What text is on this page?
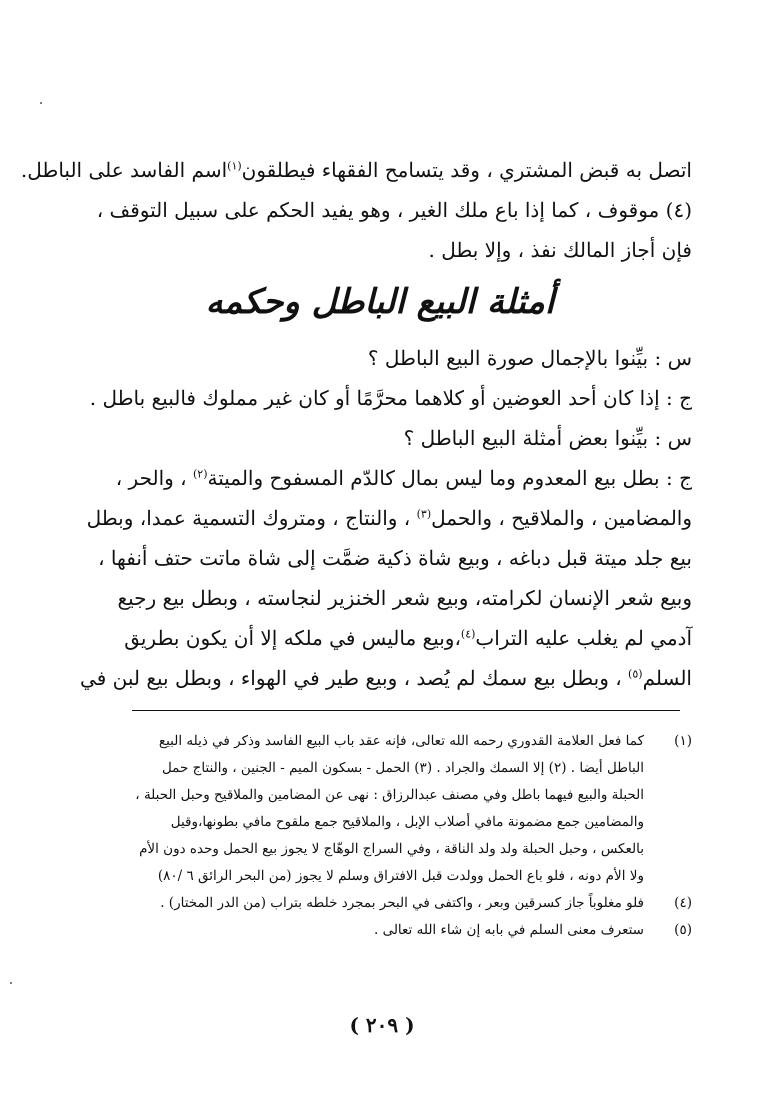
اتصل به قبض المشتري ، وقد يتسامح الفقهاء فيطلقون$^{(١)}$اسم الفاسد على الباطل.
(٤) موقوف ، كما إذا باع ملك الغير ، وهو يفيد الحكم على سبيل التوقف ،
فإن أجاز المالك نفذ ، وإلا بطل .
أمثلة البيع الباطل وحكمه
س : بيِّنوا بالإجمال صورة البيع الباطل ؟
ج : إذا كان أحد العوضين أو كلاهما محرَّمًا أو كان غير مملوك فالبيع باطل .
س : بيِّنوا بعض أمثلة البيع الباطل ؟
ج : بطل بيع المعدوم وما ليس بمال كالدّم المسفوح والميتة$^{(٢)}$ ، والحر ،
والمضامين ، والملاقيح ، والحمل$^{(٣)}$ ، والنتاج ، ومتروك التسمية عمدا، وبطل
بيع جلد ميتة قبل دباغه ، وبيع شاة ذكية ضمَّت إلى شاة ماتت حتف أنفها ،
وبيع شعر الإنسان لكرامته، وبيع شعر الخنزير لنجاسته ، وبطل بيع رجيع
آدمي لم يغلب عليه التراب$^{(٤)}$،وبيع ماليس في ملكه إلا أن يكون بطريق
السلم$^{(٥)}$ ، وبطل بيع سمك لم يُصد ، وبيع طير في الهواء ، وبطل بيع لبن في
(١)
كما فعل العلامة القدوري رحمه الله تعالى، فإنه عقد باب البيع الفاسد وذكر في ذيله البيع
الباطل أيضا . (٢) إلا السمك والجراد . (٣) الحمل - بسكون الميم - الجنين ، والنتاج حمل
الحبلة والبيع فيهما باطل وفي مصنف عبدالرزاق : نهى عن المضامين والملاقيح وحبل الحبلة ،
والمضامين جمع مضمونة مافي أصلاب الإبل ، والملاقيح جمع ملقوح مافي بطونها،وقيل
بالعكس ، وحبل الحبلة ولد ولد الناقة ، وفي السراج الوهّاج لا يجوز بيع الحمل وحده دون الأم
ولا الأم دونه ، فلو باع الحمل وولدت قبل الافتراق وسلم لا يجوز (من البحر الرائق ٦ /٨٠)
(٤)
فلو مغلوباً جاز كسرقين وبعر ، واكتفى في البحر بمجرد خلطه بتراب (من الدر المختار) .
(٥)
ستعرف معنى السلم في بابه إن شاء الله تعالى .
( ٢٠٩ )
